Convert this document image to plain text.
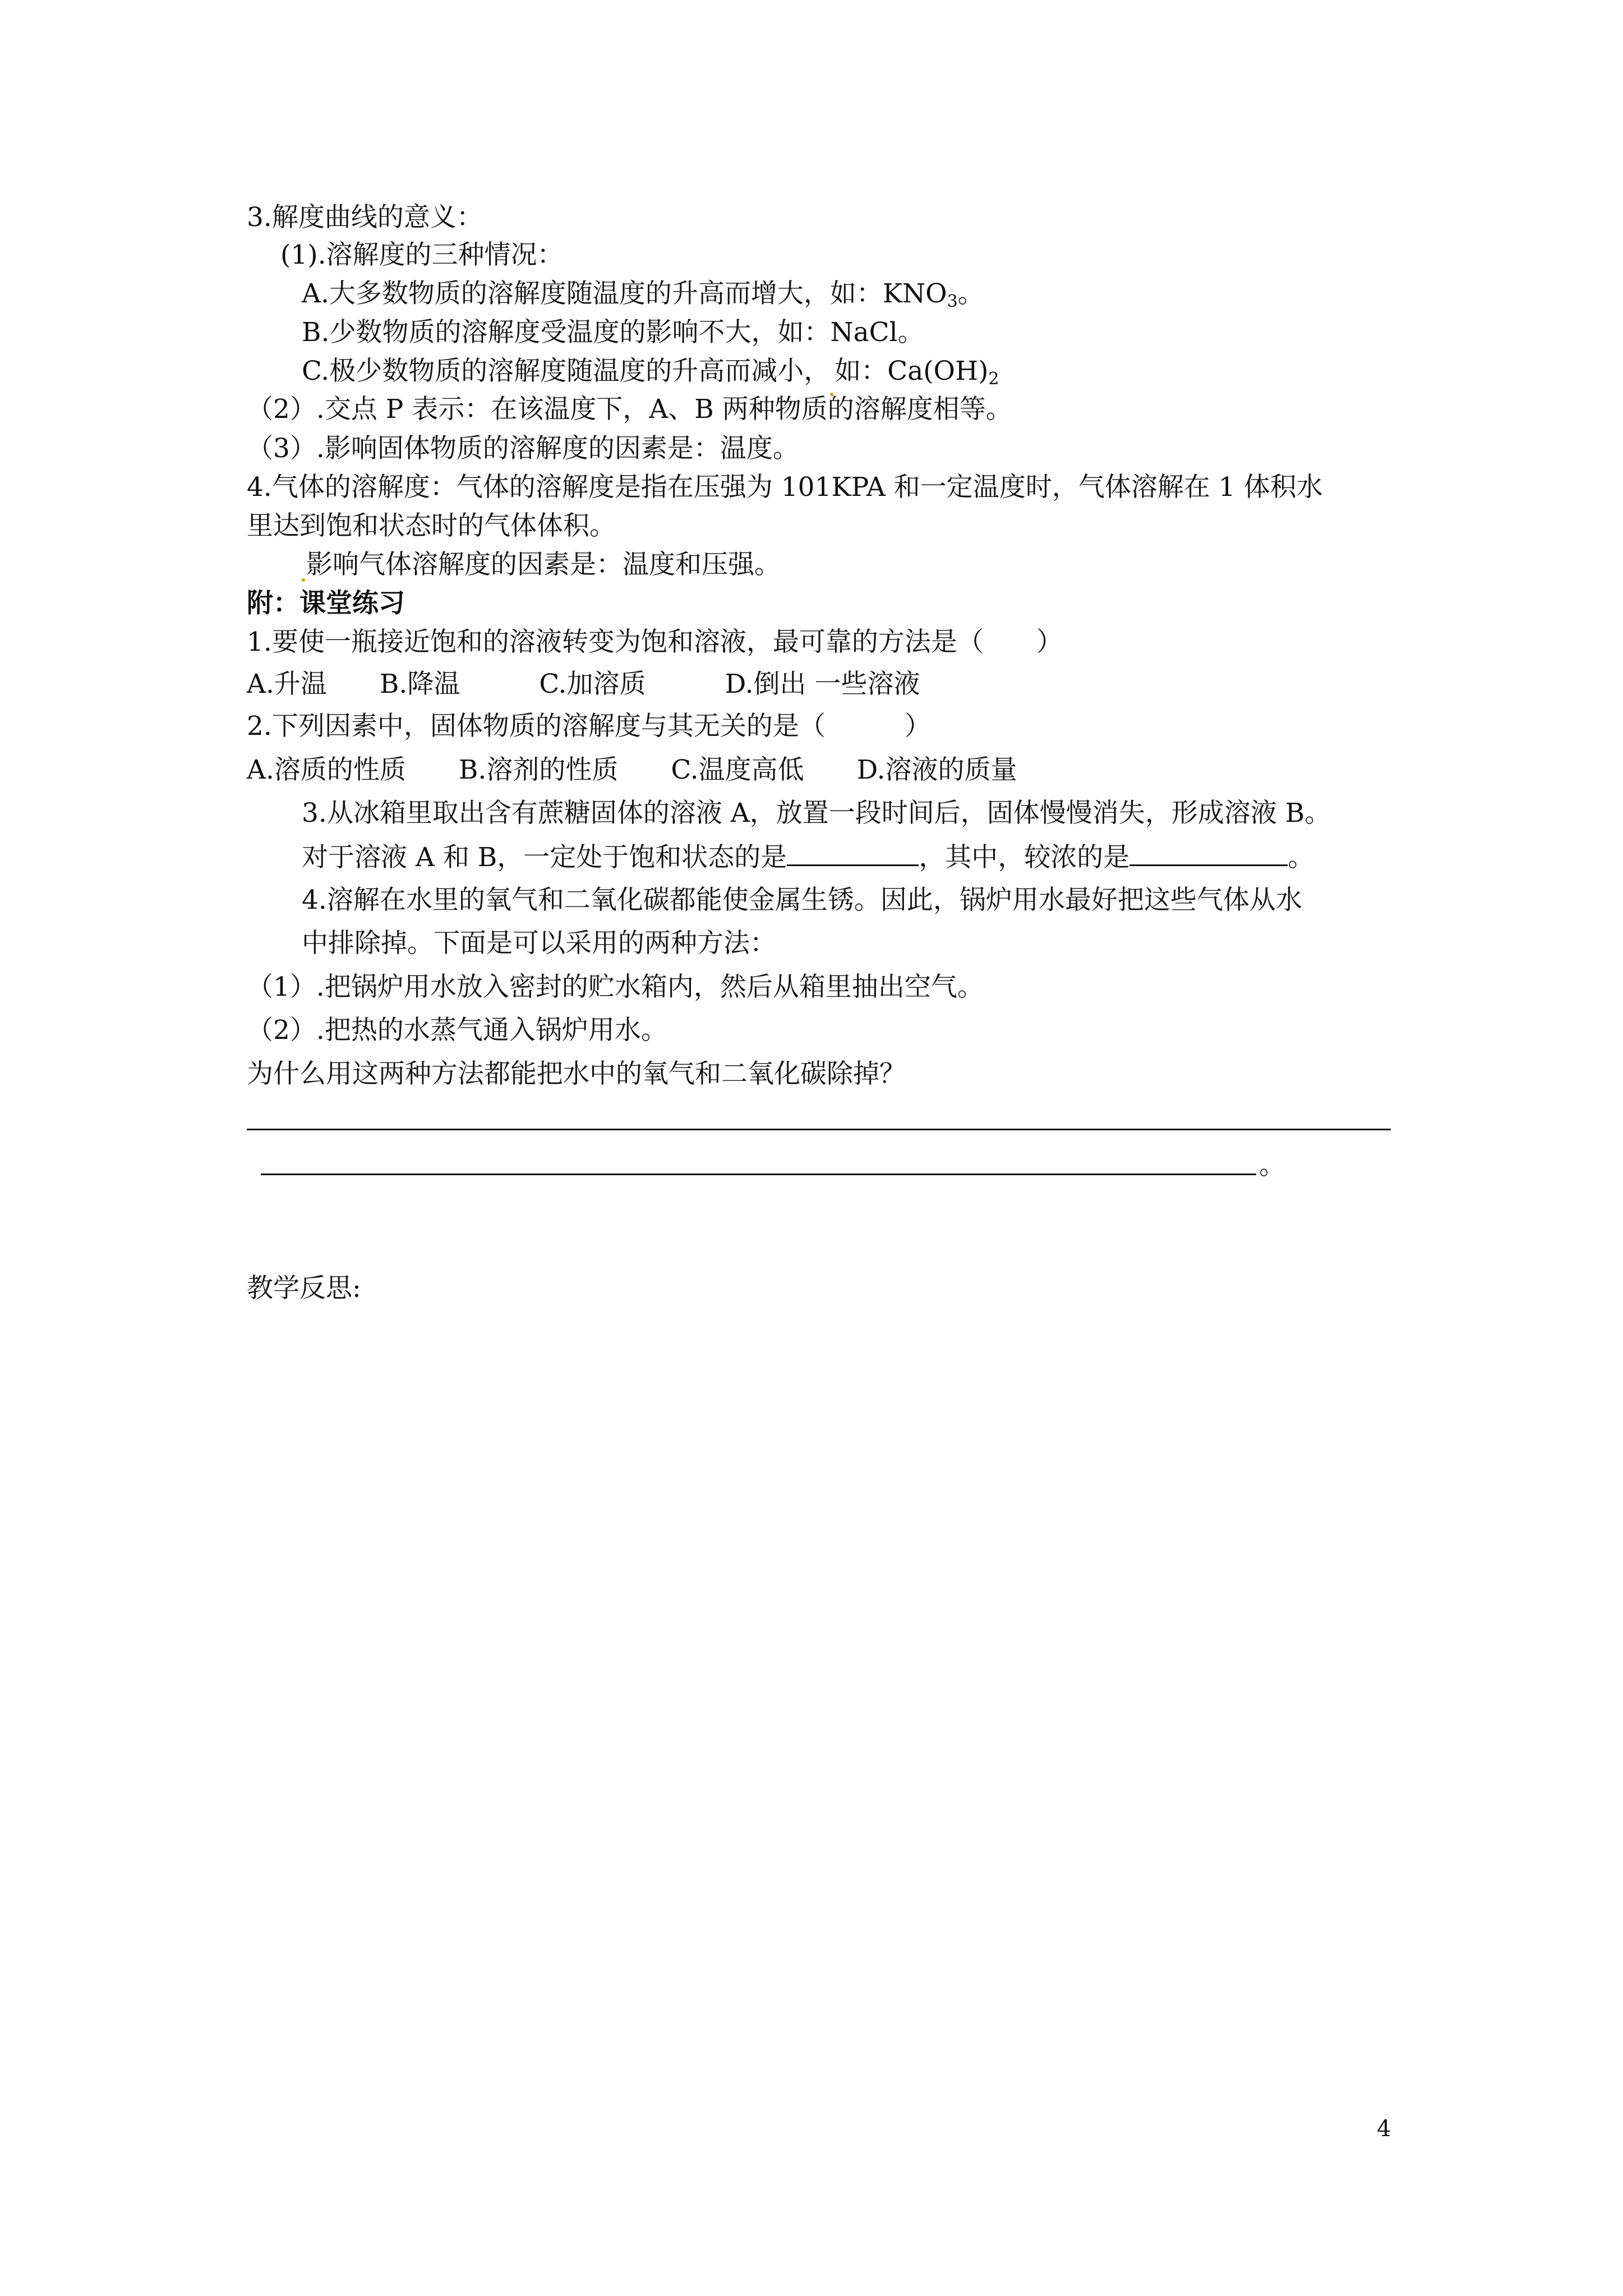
3.解度曲线的意义：
(1).溶解度的三种情况：
A.大多数物质的溶解度随温度的升高而增大，如：$KNO_3$。
B.少数物质的溶解度受温度的影响不大，如：NaCl。
C.极少数物质的溶解度随温度的升高而减小， 如：$Ca(OH)_2$
（2）.交点 P 表示：在该温度下，A、B 两种物质的溶解度相等。
（3）.影响固体物质的溶解度的因素是：温度。
4.气体的溶解度：气体的溶解度是指在压强为 101KPA 和一定温度时，气体溶解在 1 体积水
里达到饱和状态时的气体体积。
影响气体溶解度的因素是：温度和压强。
附：课堂练习
1.要使一瓶接近饱和的溶液转变为饱和溶液，最可靠的方法是（　　）
A.升温　　B.降温　　　C.加溶质　　　D.倒出 一些溶液
2.下列因素中，固体物质的溶解度与其无关的是（　　　）
A.溶质的性质　　B.溶剂的性质　　C.温度高低　　D.溶液的质量
3.从冰箱里取出含有蔗糖固体的溶液 A，放置一段时间后，固体慢慢消失，形成溶液 B。
对于溶液 A 和 B，一定处于饱和状态的是	，其中，较浓的是	。
4.溶解在水里的氧气和二氧化碳都能使金属生锈。因此，锅炉用水最好把这些气体从水
中排除掉。下面是可以采用的两种方法：
（1）.把锅炉用水放入密封的贮水箱内，然后从箱里抽出空气。
（2）.把热的水蒸气通入锅炉用水。
为什么用这两种方法都能把水中的氧气和二氧化碳除掉？
。
教学反思:
4
